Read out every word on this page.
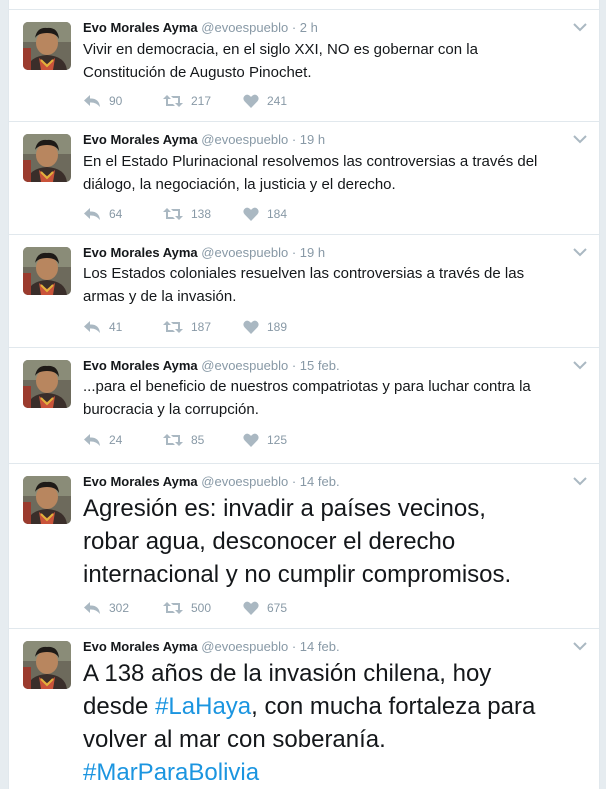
Evo Morales Ayma @evoespueblo · 2 h
Vivir en democracia, en el siglo XXI, NO es gobernar con la
Constitución de Augusto Pinochet.
90	217	241
Evo Morales Ayma @evoespueblo · 19 h
En el Estado Plurinacional resolvemos las controversias a través del
diálogo, la negociación, la justicia y el derecho.
64	138	184
Evo Morales Ayma @evoespueblo · 19 h
Los Estados coloniales resuelven las controversias a través de las
armas y de la invasión.
41	187	189
Evo Morales Ayma @evoespueblo · 15 feb.
...para el beneficio de nuestros compatriotas y para luchar contra la
burocracia y la corrupción.
24	85	125
Evo Morales Ayma @evoespueblo · 14 feb.
Agresión es: invadir a países vecinos,
robar agua, desconocer el derecho
internacional y no cumplir compromisos.
302	500	675
Evo Morales Ayma @evoespueblo · 14 feb.
A 138 años de la invasión chilena, hoy
desde #LaHaya, con mucha fortaleza para
volver al mar con soberanía.
#MarParaBolivia
